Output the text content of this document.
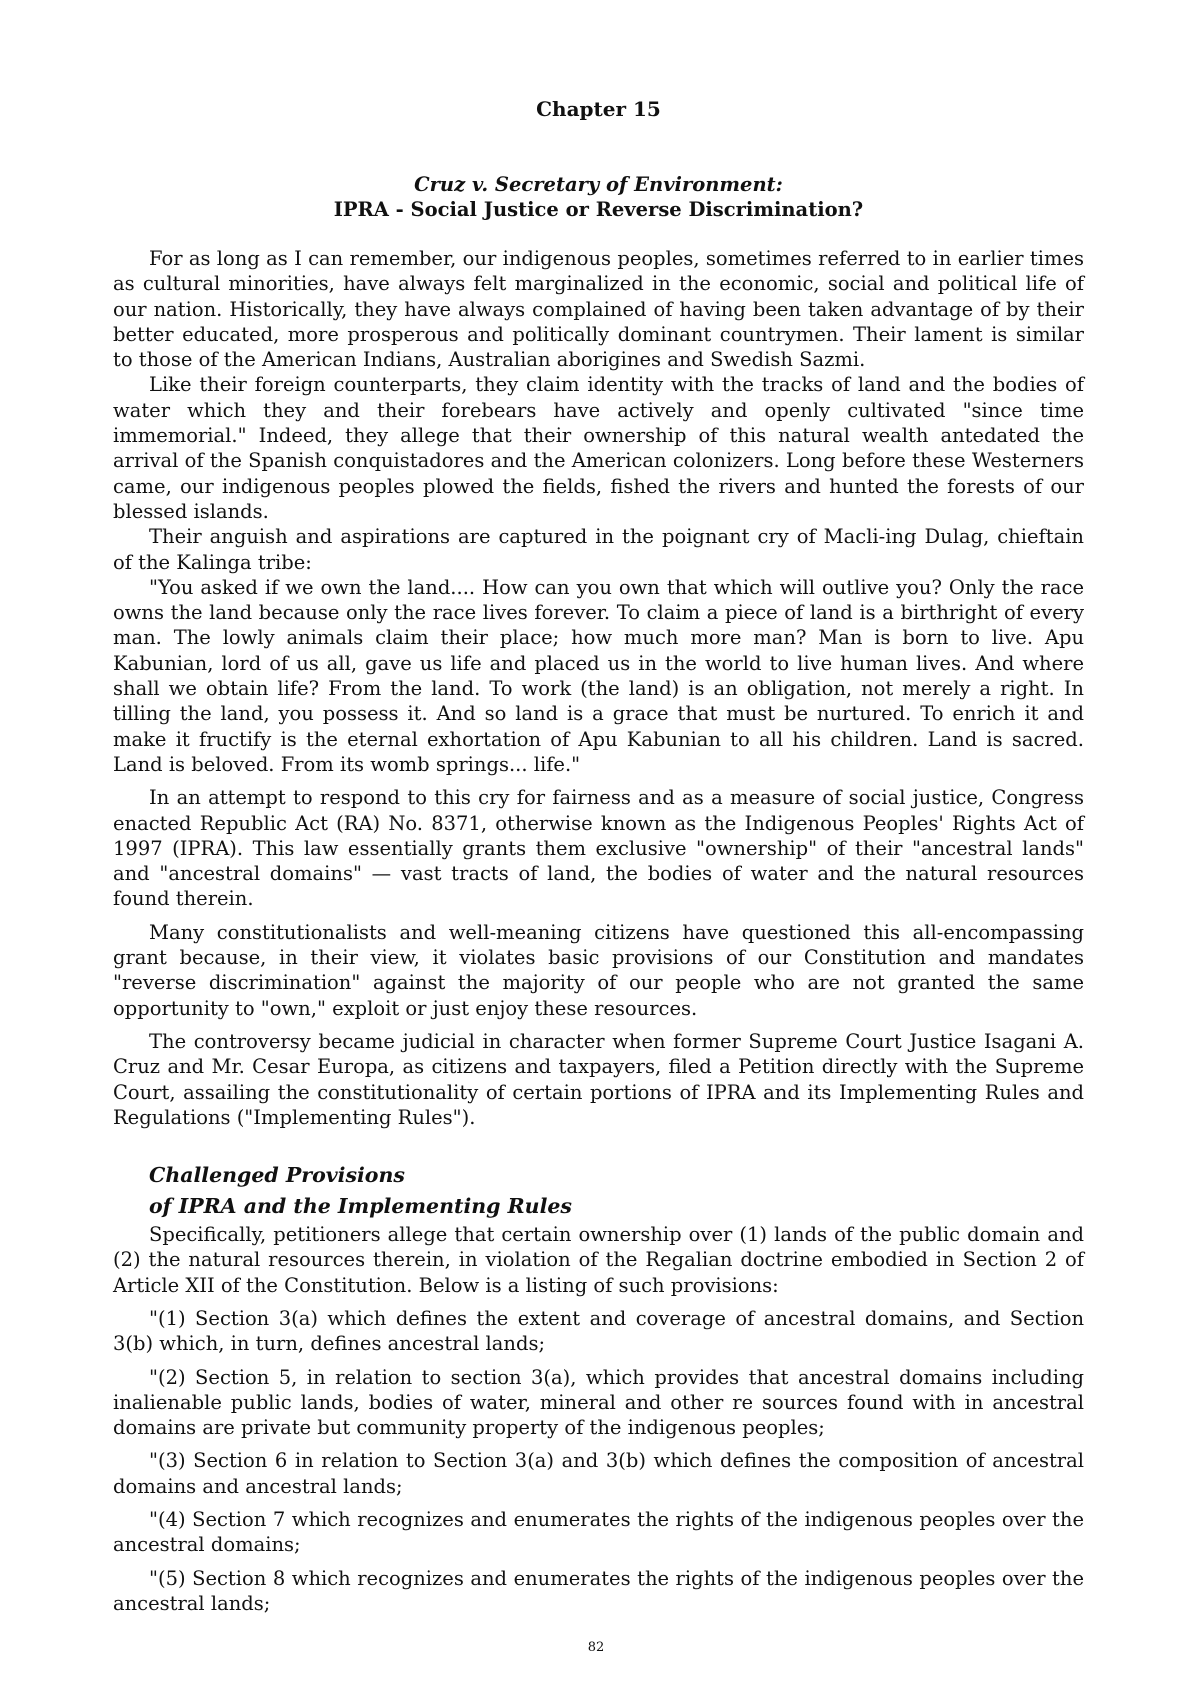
Chapter 15
Cruz v. Secretary of Environment:
IPRA - Social Justice or Reverse Discrimination?

For as long as I can remember, our indigenous peoples, sometimes referred to in earlier times as cultural minorities, have always felt marginalized in the economic, social and political life of our nation. Historically, they have always complained of having been taken advantage of by their better educated, more prosperous and politically dominant countrymen. Their lament is similar to those of the American Indians, Australian aborigines and Swedish Sazmi.

Like their foreign counterparts, they claim identity with the tracks of land and the bodies of water which they and their forebears have actively and openly cultivated "since time immemorial." Indeed, they allege that their ownership of this natural wealth antedated the arrival of the Spanish conquistadores and the American colonizers. Long before these Westerners came, our indigenous peoples plowed the fields, fished the rivers and hunted the forests of our blessed islands.

Their anguish and aspirations are captured in the poignant cry of Macli-ing Dulag, chieftain of the Kalinga tribe:

"You asked if we own the land.... How can you own that which will outlive you? Only the race owns the land because only the race lives forever. To claim a piece of land is a birthright of every man. The lowly animals claim their place; how much more man? Man is born to live. Apu Kabunian, lord of us all, gave us life and placed us in the world to live human lives. And where shall we obtain life? From the land. To work (the land) is an obligation, not merely a right. In tilling the land, you possess it. And so land is a grace that must be nurtured. To enrich it and make it fructify is the eternal exhortation of Apu Kabunian to all his children. Land is sacred. Land is beloved. From its womb springs... life."

In an attempt to respond to this cry for fairness and as a measure of social justice, Congress enacted Republic Act (RA) No. 8371, otherwise known as the Indigenous Peoples' Rights Act of 1997 (IPRA). This law essentially grants them exclusive "ownership" of their "ancestral lands" and "ancestral domains" — vast tracts of land, the bodies of water and the natural resources found therein.

Many constitutionalists and well-meaning citizens have questioned this all-encompassing grant because, in their view, it violates basic provisions of our Constitution and mandates "reverse discrimination" against the majority of our people who are not granted the same opportunity to "own," exploit or just enjoy these resources.

The controversy became judicial in character when former Supreme Court Justice Isagani A. Cruz and Mr. Cesar Europa, as citizens and taxpayers, filed a Petition directly with the Supreme Court, assailing the constitutionality of certain portions of IPRA and its Implementing Rules and Regulations ("Implementing Rules").

Challenged Provisions
of IPRA and the Implementing Rules

Specifically, petitioners allege that certain ownership over (1) lands of the public domain and (2) the natural resources therein, in violation of the Regalian doctrine embodied in Section 2 of Article XII of the Constitution. Below is a listing of such provisions:

"(1) Section 3(a) which defines the extent and coverage of ancestral domains, and Section 3(b) which, in turn, defines ancestral lands;

"(2) Section 5, in relation to section 3(a), which provides that ancestral domains including inalienable public lands, bodies of water, mineral and other re sources found with in ancestral domains are private but community property of the indigenous peoples;

"(3) Section 6 in relation to Section 3(a) and 3(b) which defines the composition of ancestral domains and ancestral lands;

"(4) Section 7 which recognizes and enumerates the rights of the indigenous peoples over the ancestral domains;

"(5) Section 8 which recognizes and enumerates the rights of the indigenous peoples over the ancestral lands;

82
